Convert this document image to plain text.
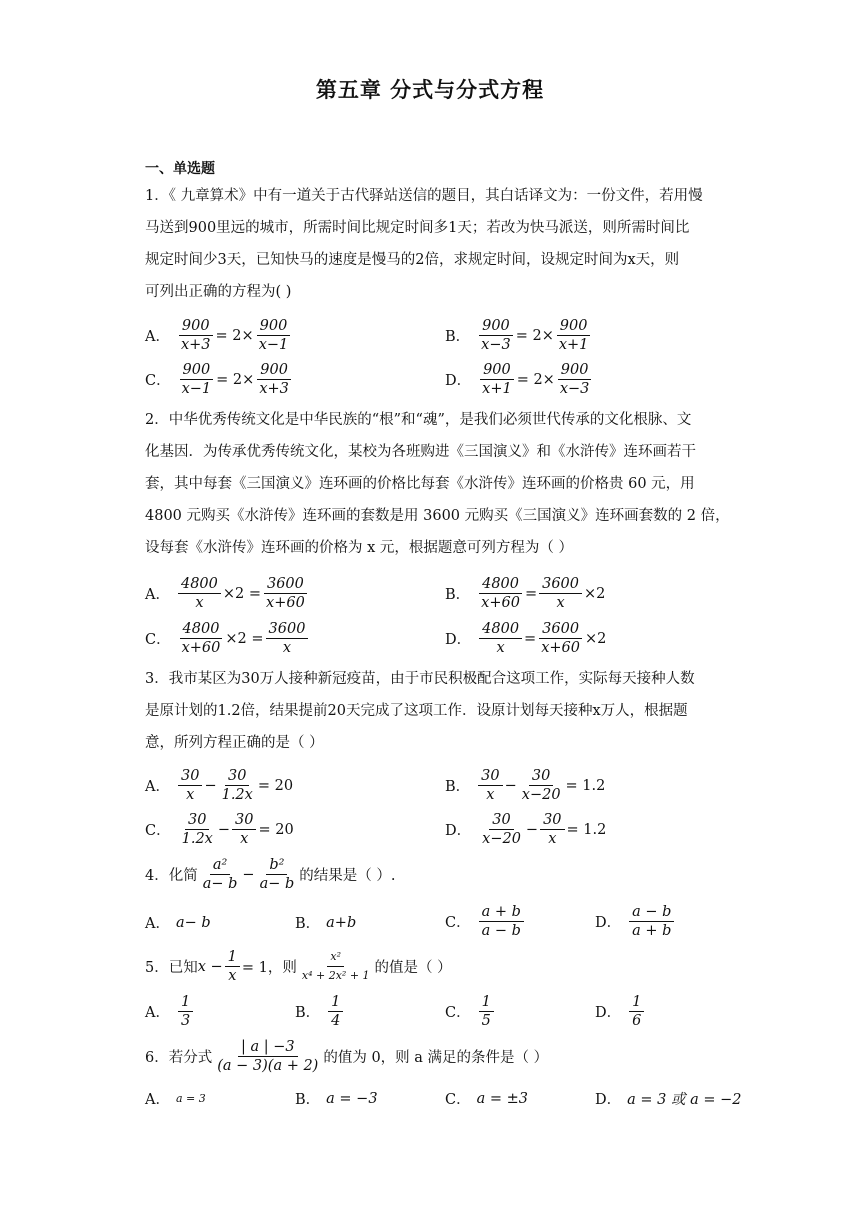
第五章 分式与分式方程
一、单选题
1．《 九章算术》中有一道关于古代驿站送信的题目，其白话译文为：一份文件，若用慢
马送到900里远的城市，所需时间比规定时间多1天；若改为快马派送，则所需时间比
规定时间少3天，已知快马的速度是慢马的2倍，求规定时间，设规定时间为x天，则
可列出正确的方程为( )
A． $\frac{900}{x+3} = 2\times \frac{900}{x-1}$	B． $\frac{900}{x-3} = 2\times \frac{900}{x+1}$
C． $\frac{900}{x-1} = 2\times \frac{900}{x+3}$	D． $\frac{900}{x+1} = 2\times \frac{900}{x-3}$
2．中华优秀传统文化是中华民族的“根”和“魂”，是我们必须世代传承的文化根脉、文
化基因．为传承优秀传统文化，某校为各班购进《三国演义》和《水浒传》连环画若干
套，其中每套《三国演义》连环画的价格比每套《水浒传》连环画的价格贵 60 元，用
4800 元购买《水浒传》连环画的套数是用 3600 元购买《三国演义》连环画套数的 2 倍，
设每套《水浒传》连环画的价格为 x 元，根据题意可列方程为（ ）
A． $\frac{4800}{x} \times 2 = \frac{3600}{x+60}$	B． $\frac{4800}{x+60} = \frac{3600}{x} \times 2$
C． $\frac{4800}{x+60} \times 2 = \frac{3600}{x}$	D． $\frac{4800}{x} = \frac{3600}{x+60} \times 2$
3．我市某区为30万人接种新冠疫苗，由于市民积极配合这项工作，实际每天接种人数
是原计划的1.2倍，结果提前20天完成了这项工作．设原计划每天接种x万人，根据题
意，所列方程正确的是（ ）
A． $\frac{30}{x} - \frac{30}{1.2x} = 20$	B． $\frac{30}{x} - \frac{30}{x-20} = 1.2$
C． $\frac{30}{1.2x} - \frac{30}{x} = 20$	D． $\frac{30}{x-20} - \frac{30}{x} = 1.2$
4．化简 $\frac{\text{a²}}{a- b} - \frac{\text{b²}}{a- b}$ 的结果是（ ）.
A． a− b	B． a+b	C． $\frac{a + b}{a - b}$	D． $\frac{a - b}{a + b}$
5．已知 $x - \frac{1}{x} = 1$，则 $\frac{\text{x²}}{\text{x⁴ + 2x² + 1}}$ 的值是（ ）
A． $\frac{1}{3}$	B． $\frac{1}{4}$	C． $\frac{1}{5}$	D． $\frac{1}{6}$
6．若分式 $\frac{| a | -3}{(a - 3)(a + 2)}$ 的值为 0，则 a 满足的条件是（ ）
A． a = 3	B． a = −3	C． a = ±3	D． a = 3 或 a = −2
